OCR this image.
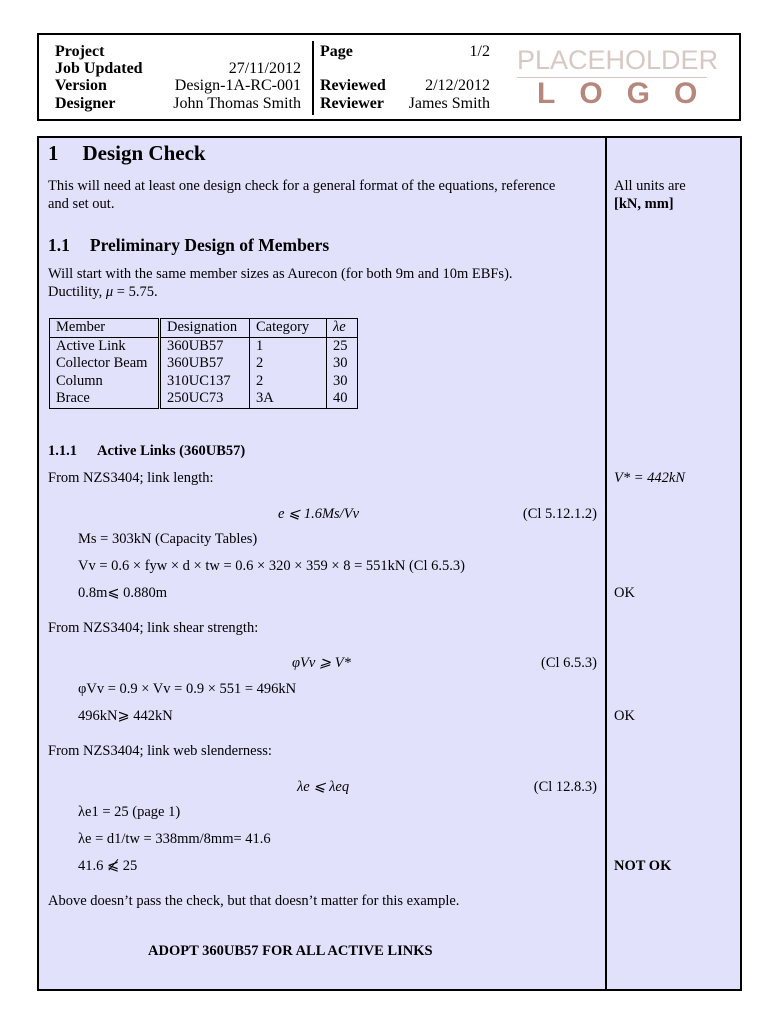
Project
Job Updated	27/11/2012
Version	Design-1A-RC-001
Designer	John Thomas Smith
Page	1/2
Reviewed 2/12/2012
Reviewer James Smith
PLACEHOLDER
LOGO
1 Design Check
This will need at least one design check for a general format of the equations, reference
and set out.
All units are
[kN, mm]
1.1 Preliminary Design of Members
Will start with the same member sizes as Aurecon (for both 9m and 10m EBFs).
Ductility, μ = 5.75.
Member	Designation	Category	λe
Active Link	360UB57	1	25
Collector Beam	360UB57	2	30
Column	310UC137	2	30
Brace	250UC73	3A	40
1.1.1 Active Links (360UB57)
From NZS3404; link length:	V* = 442kN
e ⩽ 1.6Ms/Vv	(Cl 5.12.1.2)
Ms = 303kN (Capacity Tables)
Vv = 0.6 × fyw × d × tw = 0.6 × 320 × 359 × 8 = 551kN (Cl 6.5.3)
0.8m⩽ 0.880m	OK
From NZS3404; link shear strength:
φVv ⩾ V*	(Cl 6.5.3)
φVv = 0.9 × Vv = 0.9 × 551 = 496kN
496kN⩾ 442kN	OK
From NZS3404; link web slenderness:
λe ⩽ λeq	(Cl 12.8.3)
λe1 = 25 (page 1)
λe = d1/tw = 338mm/8mm= 41.6
41.6 ⩽̸ 25	NOT OK
Above doesn’t pass the check, but that doesn’t matter for this example.
ADOPT 360UB57 FOR ALL ACTIVE LINKS
